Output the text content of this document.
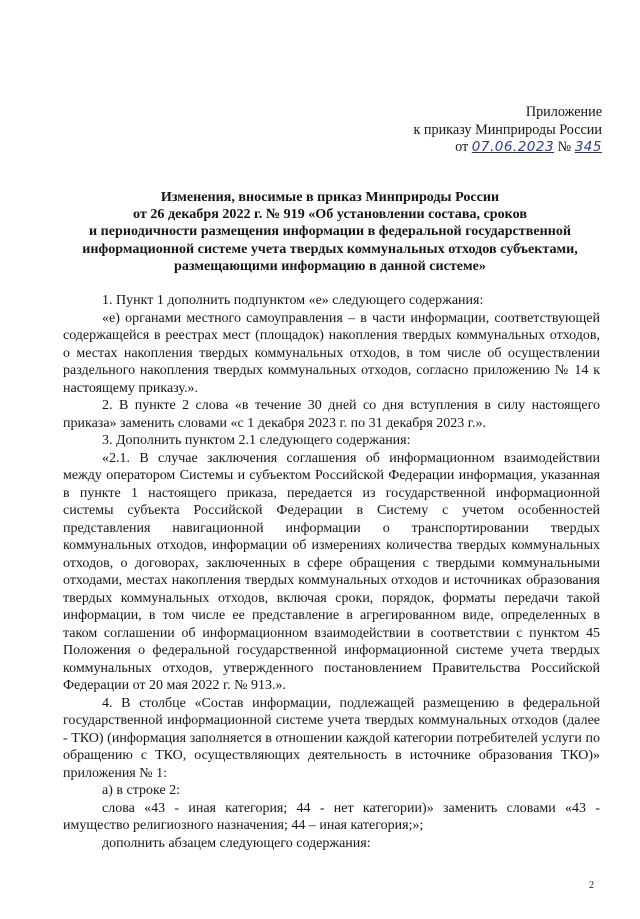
Приложение
к приказу Минприроды России
от 07.06.2023 № 345
Изменения, вносимые в приказ Минприроды России
от 26 декабря 2022 г. № 919 «Об установлении состава, сроков
и периодичности размещения информации в федеральной государственной
информационной системе учета твердых коммунальных отходов субъектами,
размещающими информацию в данной системе»

1. Пункт 1 дополнить подпунктом «е» следующего содержания:

«е) органами местного самоуправления – в части информации, соответствующей содержащейся в реестрах мест (площадок) накопления твердых коммунальных отходов, о местах накопления твердых коммунальных отходов, в том числе об осуществлении раздельного накопления твердых коммунальных отходов, согласно приложению № 14 к настоящему приказу.».

2. В пункте 2 слова «в течение 30 дней со дня вступления в силу настоящего приказа» заменить словами «с 1 декабря 2023 г. по 31 декабря 2023 г.».

3. Дополнить пунктом 2.1 следующего содержания:

«2.1. В случае заключения соглашения об информационном взаимодействии между оператором Системы и субъектом Российской Федерации информация, указанная в пункте 1 настоящего приказа, передается из государственной информационной системы субъекта Российской Федерации в Систему с учетом особенностей представления навигационной информации о транспортировании твердых коммунальных отходов, информации об измерениях количества твердых коммунальных отходов, о договорах, заключенных в сфере обращения с твердыми коммунальными отходами, местах накопления твердых коммунальных отходов и источниках образования твердых коммунальных отходов, включая сроки, порядок, форматы передачи такой информации, в том числе ее представление в агрегированном виде, определенных в таком соглашении об информационном взаимодействии в соответствии с пунктом 45 Положения о федеральной государственной информационной системе учета твердых коммунальных отходов, утвержденного постановлением Правительства Российской Федерации от 20 мая 2022 г. № 913.».

4. В столбце «Состав информации, подлежащей размещению в федеральной государственной информационной системе учета твердых коммунальных отходов (далее - ТКО) (информация заполняется в отношении каждой категории потребителей услуги по обращению с ТКО, осуществляющих деятельность в источнике образования ТКО)» приложения № 1:

а) в строке 2:

слова «43 - иная категория; 44 - нет категории)» заменить словами «43 - имущество религиозного назначения; 44 – иная категория;»;

дополнить абзацем следующего содержания:

2
